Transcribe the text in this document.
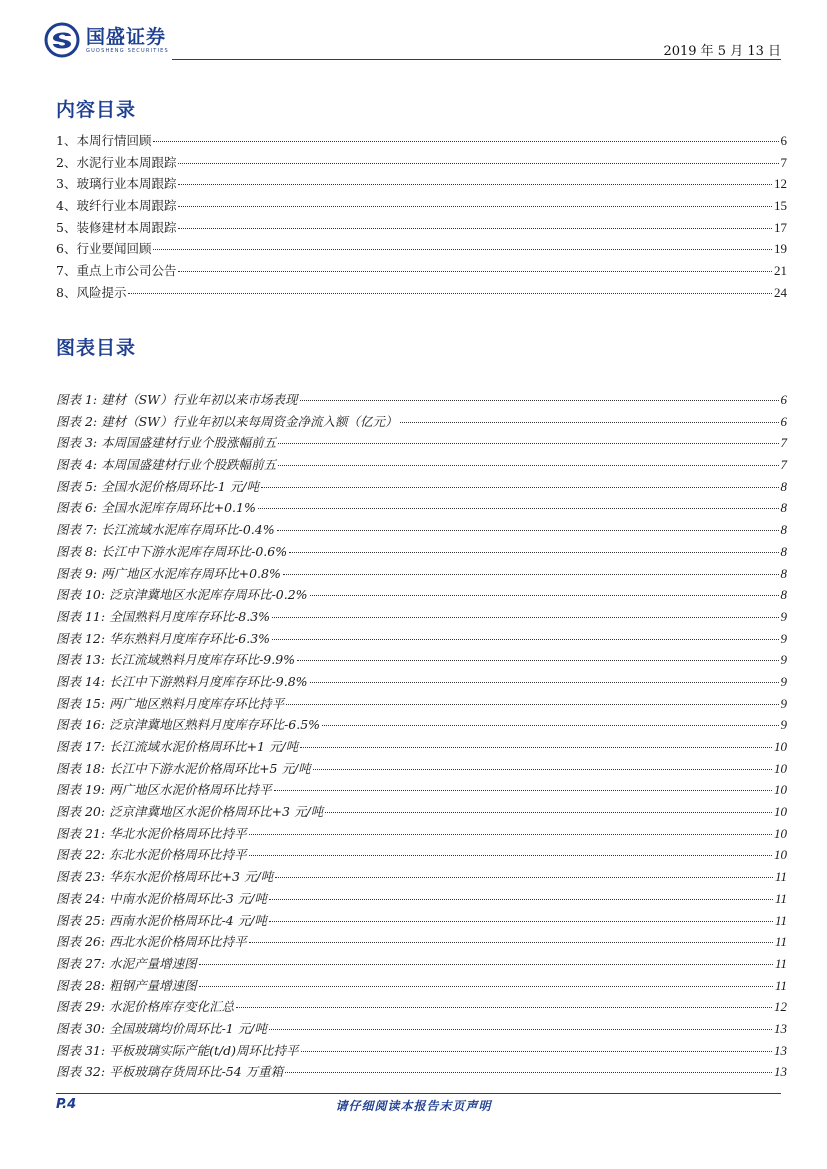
国盛证券
GUOSHENG SECURITIES	2019 年 5 月 13 日
内容目录
1、本周行情回顾	6
2、水泥行业本周跟踪	7
3、玻璃行业本周跟踪	12
4、玻纤行业本周跟踪	15
5、装修建材本周跟踪	17
6、行业要闻回顾	19
7、重点上市公司公告	21
8、风险提示	24
图表目录
图表 1: 建材（SW）行业年初以来市场表现	6
图表 2: 建材（SW）行业年初以来每周资金净流入额（亿元）	6
图表 3: 本周国盛建材行业个股涨幅前五	7
图表 4: 本周国盛建材行业个股跌幅前五	7
图表 5: 全国水泥价格周环比-1 元/吨	8
图表 6: 全国水泥库存周环比+0.1%	8
图表 7: 长江流域水泥库存周环比-0.4%	8
图表 8: 长江中下游水泥库存周环比-0.6%	8
图表 9: 两广地区水泥库存周环比+0.8%	8
图表 10: 泛京津冀地区水泥库存周环比-0.2%	8
图表 11: 全国熟料月度库存环比-8.3%	9
图表 12: 华东熟料月度库存环比-6.3%	9
图表 13: 长江流域熟料月度库存环比-9.9%	9
图表 14: 长江中下游熟料月度库存环比-9.8%	9
图表 15: 两广地区熟料月度库存环比持平	9
图表 16: 泛京津冀地区熟料月度库存环比-6.5%	9
图表 17: 长江流域水泥价格周环比+1 元/吨	10
图表 18: 长江中下游水泥价格周环比+5 元/吨	10
图表 19: 两广地区水泥价格周环比持平	10
图表 20: 泛京津冀地区水泥价格周环比+3 元/吨	10
图表 21: 华北水泥价格周环比持平	10
图表 22: 东北水泥价格周环比持平	10
图表 23: 华东水泥价格周环比+3 元/吨	11
图表 24: 中南水泥价格周环比-3 元/吨	11
图表 25: 西南水泥价格周环比-4 元/吨	11
图表 26: 西北水泥价格周环比持平	11
图表 27: 水泥产量增速图	11
图表 28: 粗钢产量增速图	11
图表 29: 水泥价格库存变化汇总	12
图表 30: 全国玻璃均价周环比-1 元/吨	13
图表 31: 平板玻璃实际产能(t/d)周环比持平	13
图表 32: 平板玻璃存货周环比-54 万重箱	13
P.4	请仔细阅读本报告末页声明
